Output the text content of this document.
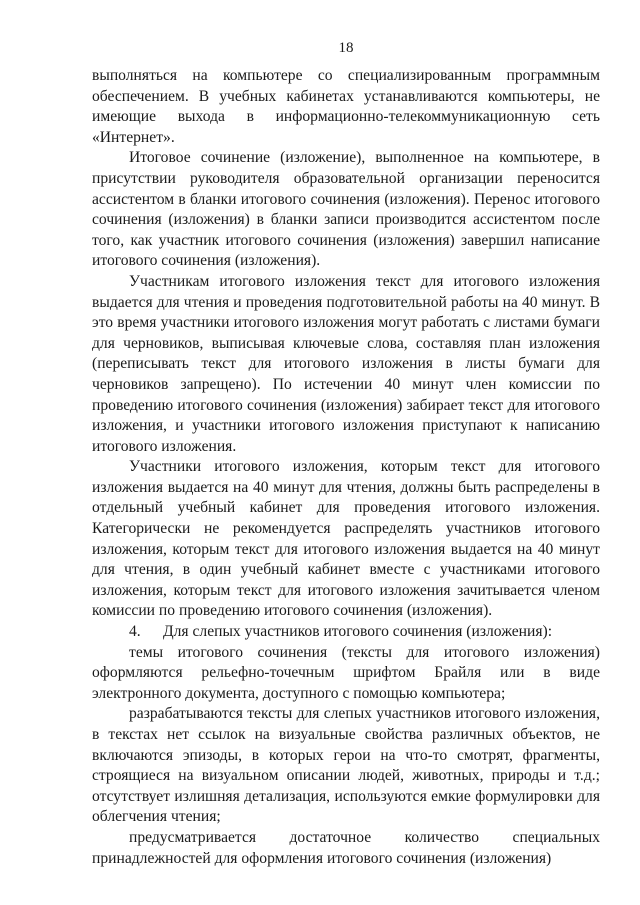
18

выполняться на компьютере со специализированным программным обеспечением. В учебных кабинетах устанавливаются компьютеры, не имеющие выхода в информационно-телекоммуникационную сеть «Интернет».

Итоговое сочинение (изложение), выполненное на компьютере, в присутствии руководителя образовательной организации переносится ассистентом в бланки итогового сочинения (изложения). Перенос итогового сочинения (изложения) в бланки записи производится ассистентом после того, как участник итогового сочинения (изложения) завершил написание итогового сочинения (изложения).

Участникам итогового изложения текст для итогового изложения выдается для чтения и проведения подготовительной работы на 40 минут. В это время участники итогового изложения могут работать с листами бумаги для черновиков, выписывая ключевые слова, составляя план изложения (переписывать текст для итогового изложения в листы бумаги для черновиков запрещено). По истечении 40 минут член комиссии по проведению итогового сочинения (изложения) забирает текст для итогового изложения, и участники итогового изложения приступают к написанию итогового изложения.

Участники итогового изложения, которым текст для итогового изложения выдается на 40 минут для чтения, должны быть распределены в отдельный учебный кабинет для проведения итогового изложения. Категорически не рекомендуется распределять участников итогового изложения, которым текст для итогового изложения выдается на 40 минут для чтения, в один учебный кабинет вместе с участниками итогового изложения, которым текст для итогового изложения зачитывается членом комиссии по проведению итогового сочинения (изложения).

4. Для слепых участников итогового сочинения (изложения):

темы итогового сочинения (тексты для итогового изложения) оформляются рельефно-точечным шрифтом Брайля или в виде электронного документа, доступного с помощью компьютера;

разрабатываются тексты для слепых участников итогового изложения, в текстах нет ссылок на визуальные свойства различных объектов, не включаются эпизоды, в которых герои на что-то смотрят, фрагменты, строящиеся на визуальном описании людей, животных, природы и т.д.; отсутствует излишняя детализация, используются емкие формулировки для облегчения чтения;

предусматривается достаточное количество специальных принадлежностей для оформления итогового сочинения (изложения)
